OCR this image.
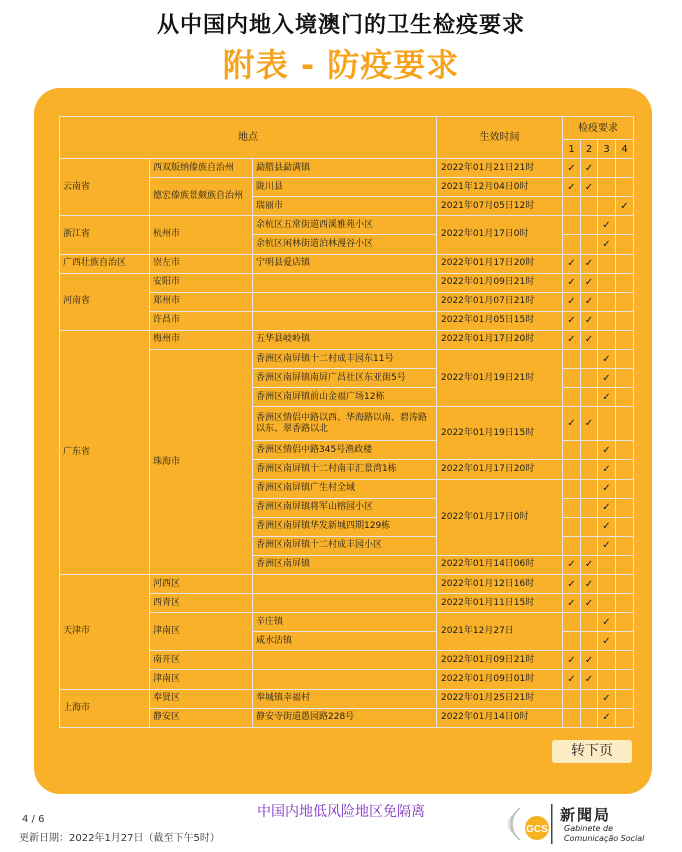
从中国内地入境澳门的卫生检疫要求
附表 - 防疫要求
地点			生效时间	检疫要求			
				1	2	3	4
云南省	西双版纳傣族自治州	勐腊县勐满镇	2022年01月21日21时	✓	✓		
	德宏傣族景颇族自治州	陇川县	2021年12月04日0时	✓	✓		
		瑞丽市	2021年07月05日12时				✓
浙江省	杭州市	余杭区五常街道西溪雅苑小区	2022年01月17日0时			✓	
		余杭区闲林街道泊林漫谷小区				✓	
广西壮族自治区	崇左市	宁明县爱店镇	2022年01月17日20时	✓	✓		
河南省	安阳市		2022年01月09日21时	✓	✓		
	郑州市		2022年01月07日21时	✓	✓		
	许昌市		2022年01月05日15时	✓	✓		
广东省	梅州市	五华县岐岭镇	2022年01月17日20时	✓	✓		
	珠海市	香洲区南屏镇十二村成丰园东11号	2022年01月19日21时			✓	
		香洲区南屏镇南屏广昌社区东亚街5号				✓	
		香洲区南屏镇前山金福广场12栋				✓	
		香洲区情侣中路以西、华海路以南、碧涛路以东、翠香路以北	2022年01月19日15时	✓	✓		
		香洲区情侣中路345号渔政楼				✓	
		香洲区南屏镇十二村南丰汇景湾1栋	2022年01月17日20时			✓	
		香洲区南屏镇广生村全域	2022年01月17日0时			✓	
		香洲区南屏镇将军山榕园小区				✓	
		香洲区南屏镇华发新城四期129栋				✓	
		香洲区南屏镇十二村成丰园小区				✓	
		香洲区南屏镇	2022年01月14日06时	✓	✓		
天津市	河西区		2022年01月12日16时	✓	✓		
	西青区		2022年01月11日15时	✓	✓		
	津南区	辛庄镇	2021年12月27日			✓	
		咸水沽镇				✓	
	南开区		2022年01月09日21时	✓	✓		
	津南区		2022年01月09日01时	✓	✓		
上海市	奉贤区	奉城镇幸福村	2022年01月25日21时			✓	
	静安区	静安寺街道愚园路228号	2022年01月14日0时			✓	
转下页
中国内地低风险地区免隔离
4 / 6
更新日期：2022年1月27日（截至下午5时）
GCS
新聞局
Gabinete de
Comunicação Social
